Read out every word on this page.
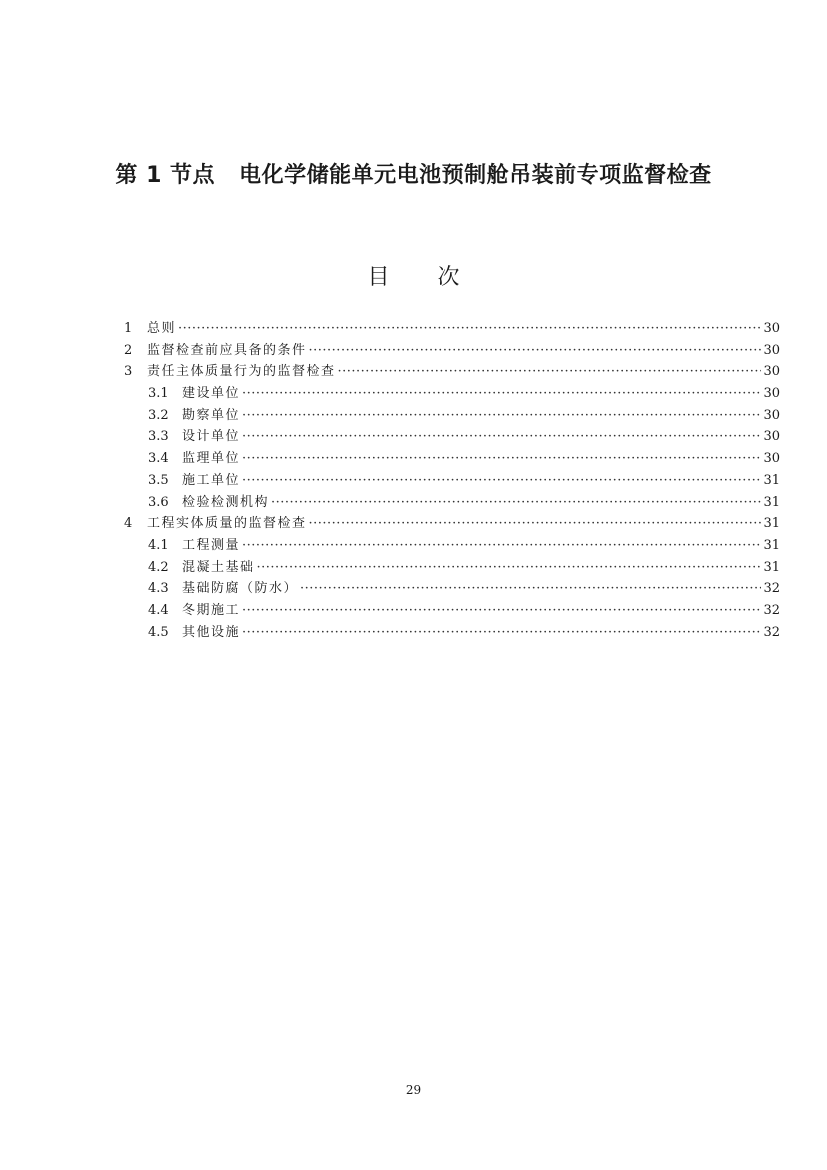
第 1 节点 电化学储能单元电池预制舱吊装前专项监督检查
目 次
1	总则 ·····	30
2	监督检查前应具备的条件 ·····	30
3	责任主体质量行为的监督检查 ·····	30
3.1	建设单位 ·····	30
3.2	勘察单位 ·····	30
3.3	设计单位 ·····	30
3.4	监理单位 ·····	30
3.5	施工单位 ·····	31
3.6	检验检测机构 ·····	31
4	工程实体质量的监督检查 ·····	31
4.1	工程测量 ·····	31
4.2	混凝土基础 ·····	31
4.3	基础防腐（防水） ·····	32
4.4	冬期施工 ·····	32
4.5	其他设施 ·····	32
29
